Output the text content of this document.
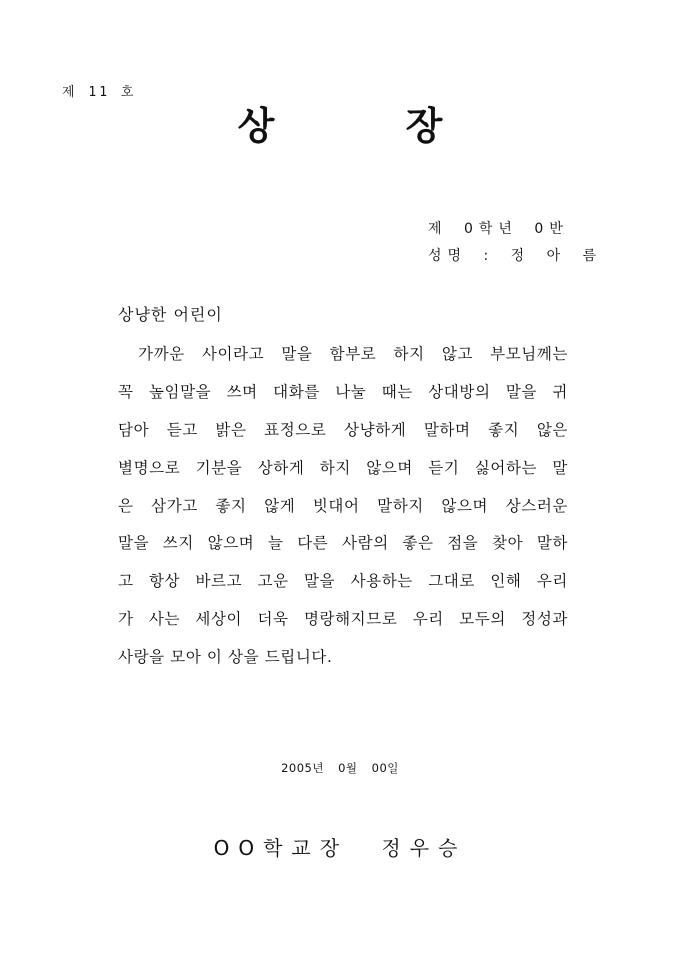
제 11 호
상 장
제 0학년 0반
성명 : 정 아 름
상냥한 어린이
가까운 사이라고 말을 함부로 하지 않고 부모님께는
꼭 높임말을 쓰며 대화를 나눌 때는 상대방의 말을 귀
담아 듣고 밝은 표정으로 상냥하게 말하며 좋지 않은
별명으로 기분을 상하게 하지 않으며 듣기 싫어하는 말
은 삼가고 좋지 않게 빗대어 말하지 않으며 상스러운
말을 쓰지 않으며 늘 다른 사람의 좋은 점을 찾아 말하
고 항상 바르고 고운 말을 사용하는 그대로 인해 우리
가 사는 세상이 더욱 명랑해지므로 우리 모두의 정성과
사랑을 모아 이 상을 드립니다.
2005년 0월 00일
OO학교장 정우승
